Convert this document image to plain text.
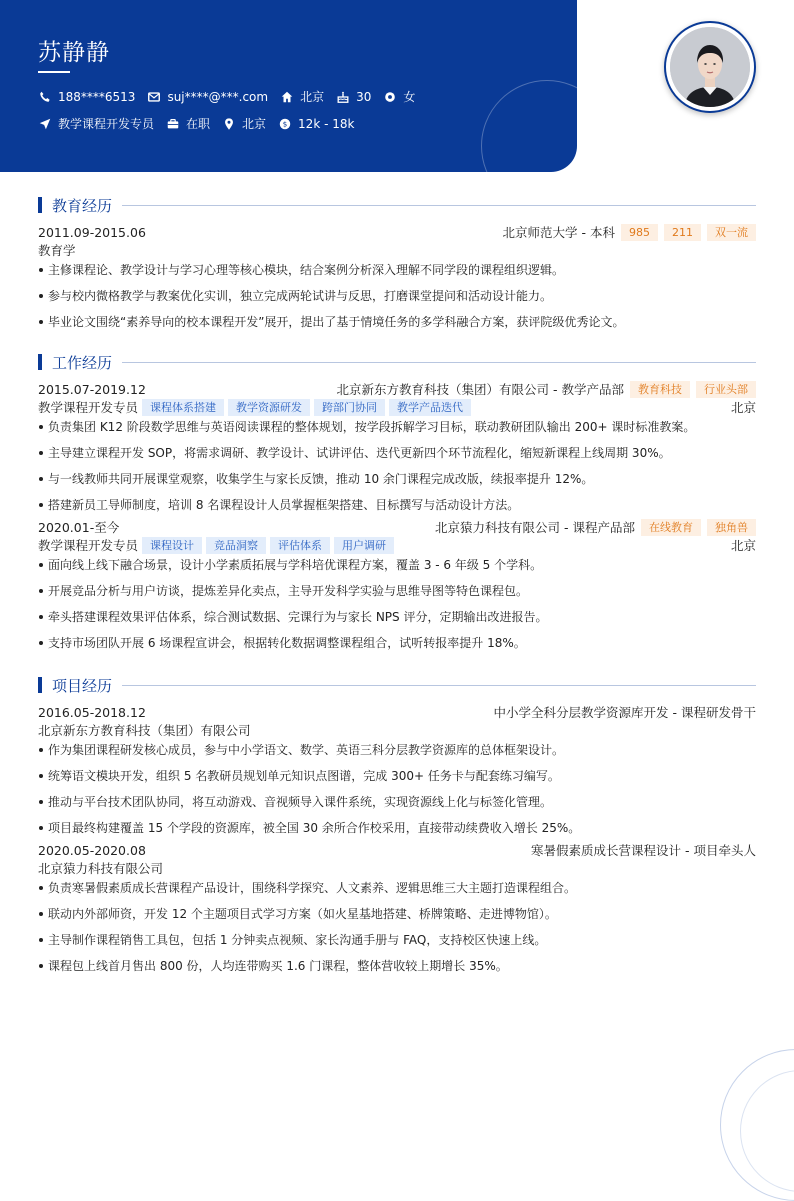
苏静静
188****6513	suj****@***.com	北京	30	女
教学课程开发专员	在职	北京 $ 12k - 18k
教育经历
2011.09-2015.06	北京师范大学 - 本科	985	211	双一流
教育学
主修课程论、教学设计与学习心理等核心模块，结合案例分析深入理解不同学段的课程组织逻辑。
参与校内微格教学与教案优化实训，独立完成两轮试讲与反思，打磨课堂提问和活动设计能力。
毕业论文围绕“素养导向的校本课程开发”展开，提出了基于情境任务的多学科融合方案，获评院级优秀论文。
工作经历
2015.07-2019.12	北京新东方教育科技（集团）有限公司 - 教学产品部	教育科技	行业头部
教学课程开发专员	课程体系搭建	教学资源研发	跨部门协同	教学产品迭代	北京
负责集团 K12 阶段数学思维与英语阅读课程的整体规划，按学段拆解学习目标，联动教研团队输出 200+ 课时标准教案。
主导建立课程开发 SOP，将需求调研、教学设计、试讲评估、迭代更新四个环节流程化，缩短新课程上线周期 30%。
与一线教师共同开展课堂观察，收集学生与家长反馈，推动 10 余门课程完成改版，续报率提升 12%。
搭建新员工导师制度，培训 8 名课程设计人员掌握框架搭建、目标撰写与活动设计方法。
2020.01-至今	北京猿力科技有限公司 - 课程产品部	在线教育	独角兽
教学课程开发专员	课程设计	竞品洞察	评估体系	用户调研	北京
面向线上线下融合场景，设计小学素质拓展与学科培优课程方案，覆盖 3 - 6 年级 5 个学科。
开展竞品分析与用户访谈，提炼差异化卖点，主导开发科学实验与思维导图等特色课程包。
牵头搭建课程效果评估体系，综合测试数据、完课行为与家长 NPS 评分，定期输出改进报告。
支持市场团队开展 6 场课程宣讲会，根据转化数据调整课程组合，试听转报率提升 18%。
项目经历
2016.05-2018.12	中小学全科分层教学资源库开发 - 课程研发骨干
北京新东方教育科技（集团）有限公司
作为集团课程研发核心成员，参与中小学语文、数学、英语三科分层教学资源库的总体框架设计。
统筹语文模块开发，组织 5 名教研员规划单元知识点图谱，完成 300+ 任务卡与配套练习编写。
推动与平台技术团队协同，将互动游戏、音视频导入课件系统，实现资源线上化与标签化管理。
项目最终构建覆盖 15 个学段的资源库，被全国 30 余所合作校采用，直接带动续费收入增长 25%。
2020.05-2020.08	寒暑假素质成长营课程设计 - 项目牵头人
北京猿力科技有限公司
负责寒暑假素质成长营课程产品设计，围绕科学探究、人文素养、逻辑思维三大主题打造课程组合。
联动内外部师资，开发 12 个主题项目式学习方案（如火星基地搭建、桥牌策略、走进博物馆）。
主导制作课程销售工具包，包括 1 分钟卖点视频、家长沟通手册与 FAQ，支持校区快速上线。
课程包上线首月售出 800 份，人均连带购买 1.6 门课程，整体营收较上期增长 35%。
